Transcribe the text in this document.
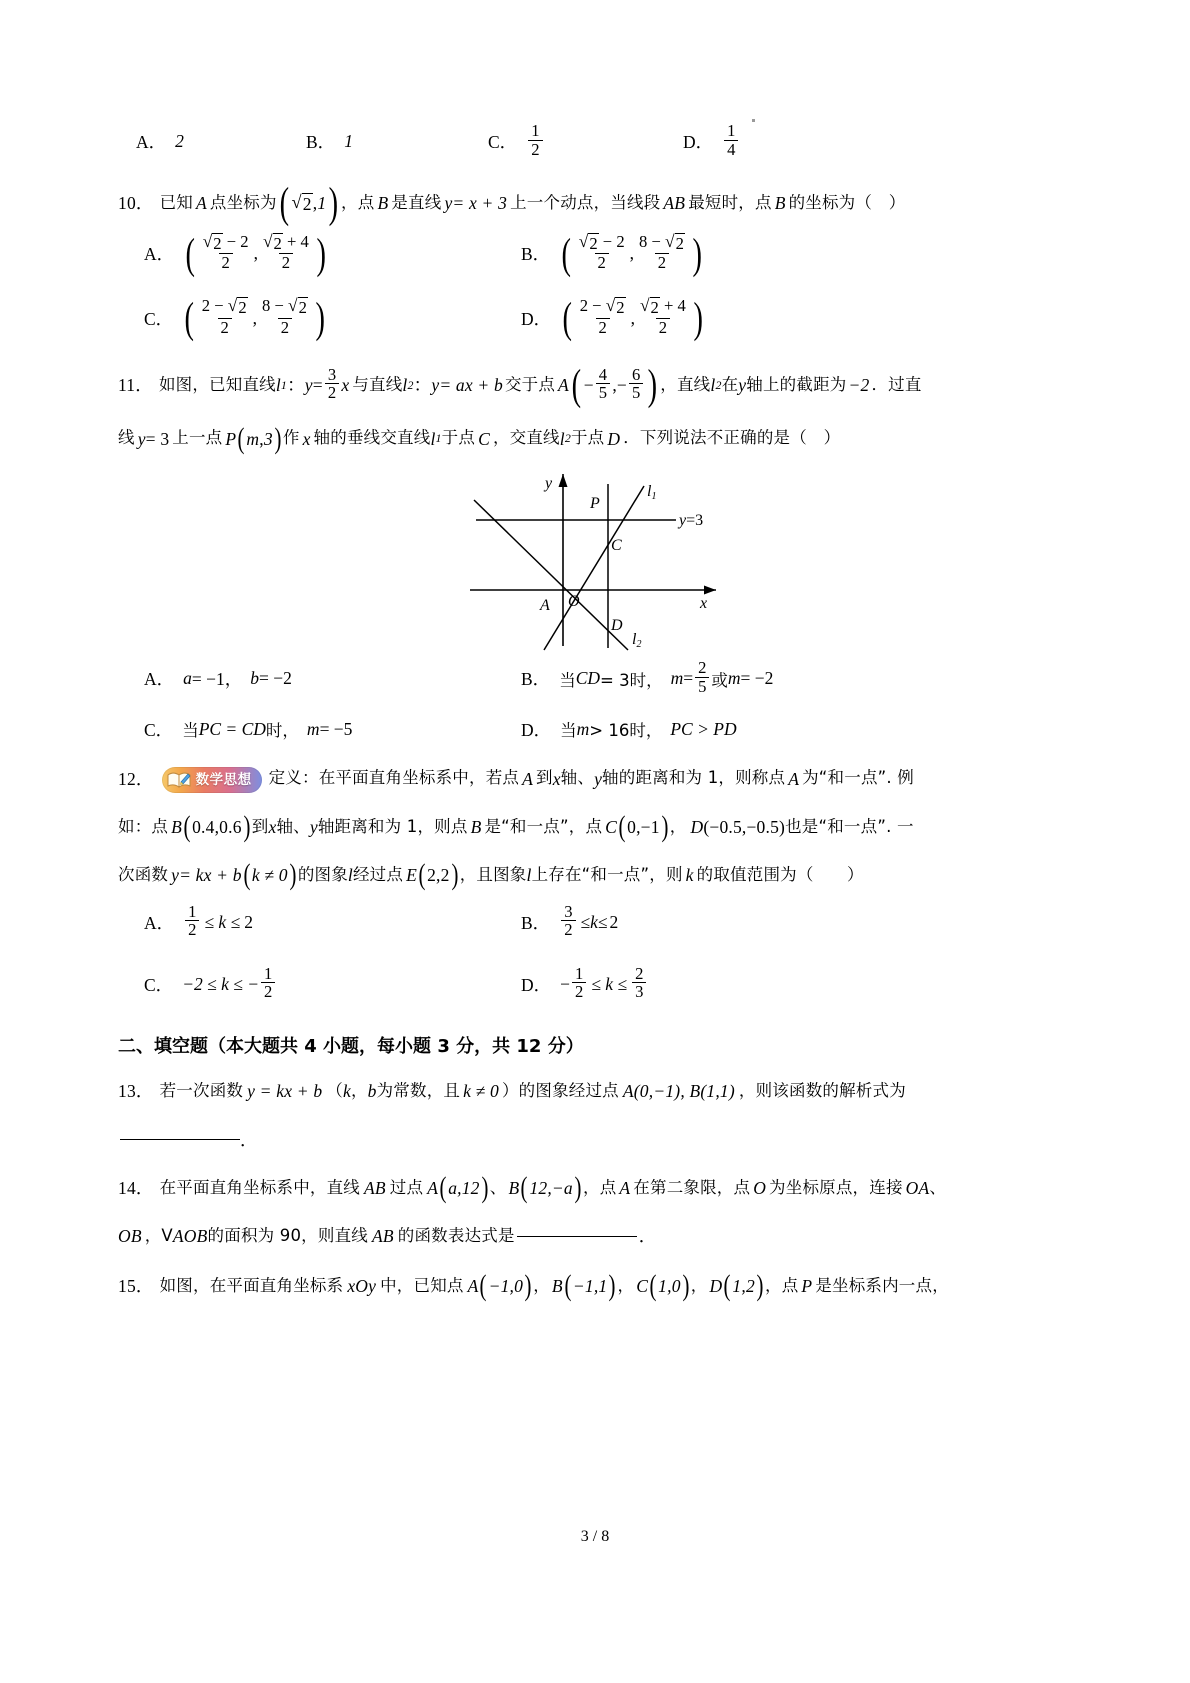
A． 2	B． 1	C． $\frac{1}{2}$	D． $\frac{1}{4}$
10． 已知 A 点坐标为 ( √ 2 , 1 ) ，点 B 是直线 y = x + 3 上一个动点，当线段 AB 最短时，点 B 的坐标为（　）
A． ( $\frac{√ 2 - 2}{2}$ , $\frac{√ 2 + 4}{2}$ )	B． ( $\frac{√ 2 - 2}{2}$ , $\frac{8 - √ 2}{2}$ )
C． ( $\frac{2 - √ 2}{2}$ , $\frac{8 - √ 2}{2}$ )	D． ( $\frac{2 - √ 2}{2}$ , $\frac{√ 2 + 4}{2}$ )
11． 如图，已知直线 l 1 ： $y = \frac{3}{2}$ x 与直线 l 2 ： y = ax + b 交于点 A ( − $\frac{4}{5}$ , − $\frac{6}{5}$ ) ，直线 l 2 在 y 轴上的截距为 −2 ．过直
线 y = 3 上一点 P ( m , 3 ) 作 x 轴的垂线交直线 l 1 于点 C ，交直线 l 2 于点 D ．下列说法不正确的是（　）
y
x
O
P
C
A
D
l1
l2
y=3
A． a = −1， b = −2	B． 当 CD = 3时， $m = \frac{2}{5}$ 或 m = −2
C． 当 PC = CD 时， m = −5	D． 当 m > 16时， PC > PD
12．	数学思想 定义：在平面直角坐标系中，若点 A 到 x 轴、 y 轴的距离和为 1，则称点 A 为“和一点”. 例
如：点 B ( 0.4 , 0.6 ) 到 x 轴、 y 轴距离和为 1，则点 B 是“和一点”，点 C ( 0,−1 ) ， D (−0.5,−0.5) 也是“和一点”. 一
次函数 y = kx + b ( k ≠ 0 ) 的图象 l 经过点 E ( 2,2 ) ，且图象 l 上存在“和一点”，则 k 的取值范围为（　　）
A． $\frac{1}{2} \le k \le 2$	B． $\frac{3}{2} \le k\le 2$
C． −2 ≤ k ≤ − $\frac{1}{2}$	D． − $\frac{1}{2} \le k \le \frac{2}{3}$
二、填空题（本大题共 4 小题，每小题 3 分，共 12 分）
13． 若一次函数 y = kx + b （ k ， b 为常数，且 k ≠ 0 ）的图象经过点 A(0,−1), B(1,1) ，则该函数的解析式为
．
14． 在平面直角坐标系中，直线 AB 过点 A ( a,12 ) 、 B ( 12,−a ) ，点 A 在第二象限，点 O 为坐标原点，连接 OA 、
OB ，Ⅴ AOB 的面积为 90，则直线 AB 的函数表达式是	．
15． 如图，在平面直角坐标系 xOy 中，已知点 A ( −1,0 ) ， B ( −1,1 ) ， C ( 1,0 ) ， D ( 1,2 ) ，点 P 是坐标系内一点，
3 / 8
